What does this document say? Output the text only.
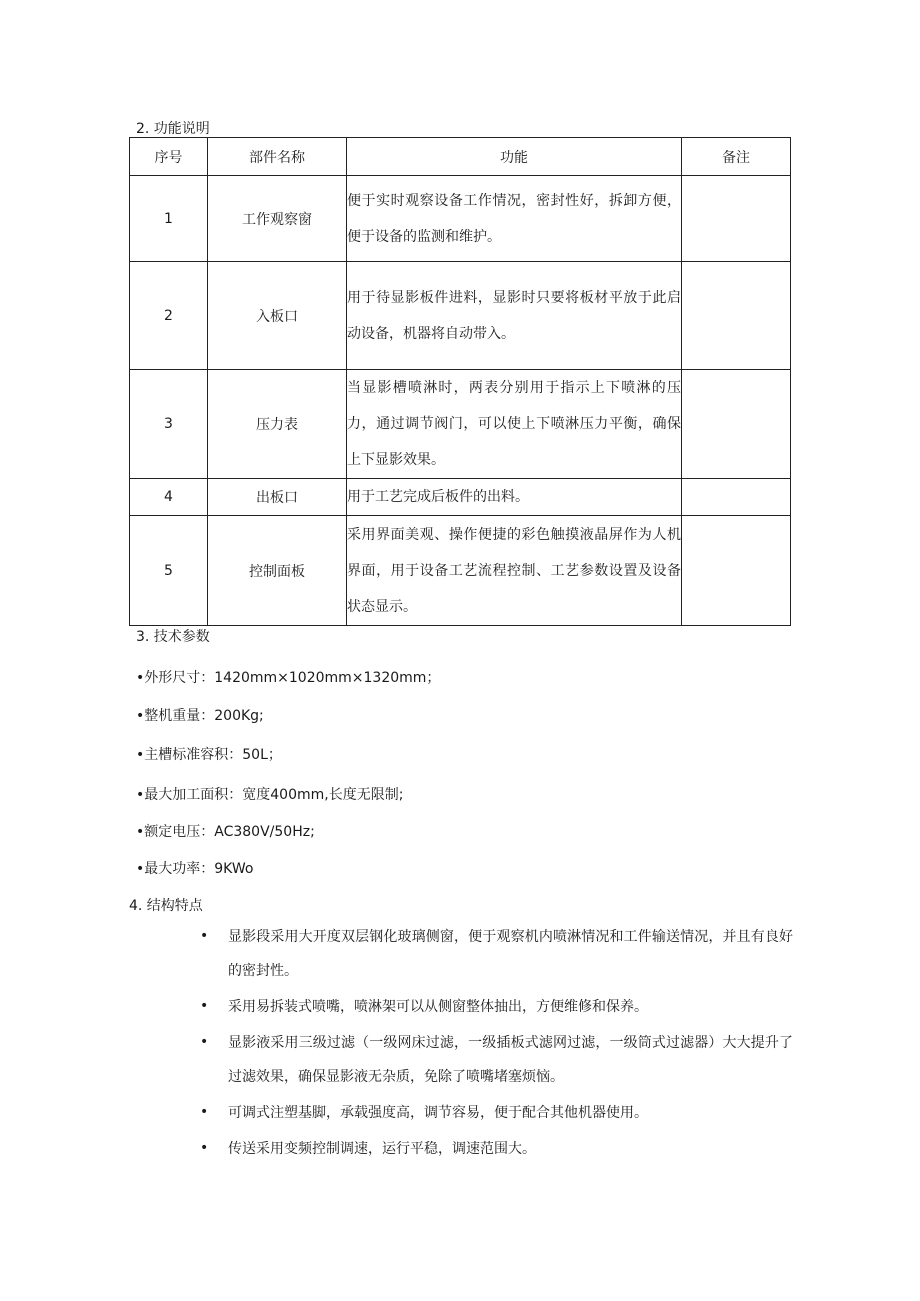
2. 功能说明
序号	部件名称	功能	备注
1	工作观察窗	便于实时观察设备工作情况，密封性好，拆卸方便，便于设备的监测和维护。	
2	入板口	用于待显影板件进料，显影时只要将板材平放于此启动设备，机器将自动带入。	
3	压力表	当显影槽喷淋时，两表分别用于指示上下喷淋的压力，通过调节阀门，可以使上下喷淋压力平衡，确保上下显影效果。	
4	出板口	用于工艺完成后板件的出料。	
5	控制面板	采用界面美观、操作便捷的彩色触摸液晶屏作为人机界面，用于设备工艺流程控制、工艺参数设置及设备状态显示。	
3. 技术参数
•外形尺寸：1420mm×1020mm×1320mm；
•整机重量：200Kg;
•主槽标准容积：50L；
•最大加工面积：宽度400mm,长度无限制;
•额定电压：AC380V/50Hz;
•最大功率：9KWo
4. 结构特点
• 显影段采用大开度双层钢化玻璃侧窗，便于观察机内喷淋情况和工件输送情况，并且有良好的密封性。
• 采用易拆装式喷嘴，喷淋架可以从侧窗整体抽出，方便维修和保养。
• 显影液采用三级过滤（一级网床过滤，一级插板式滤网过滤，一级筒式过滤器）大大提升了过滤效果，确保显影液无杂质，免除了喷嘴堵塞烦恼。
• 可调式注塑基脚，承载强度高，调节容易，便于配合其他机器使用。
• 传送采用变频控制调速，运行平稳，调速范围大。
